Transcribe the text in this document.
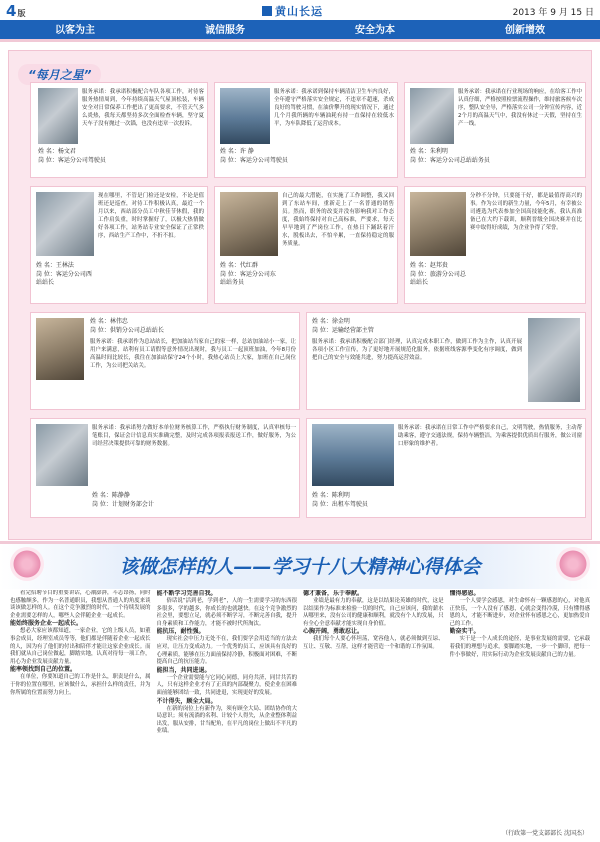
4版	黄山长运	2013 年 9 月 15 日
以客为主	诚信服务	安全为本	创新增效
“每月之星”
服务承诺：我承诺积极配合车队各项工作，对待客服务热情周到，今年持续高温天气屋顶松装，车辆安全对日常保养工作把出了更高要求，不管天气多么炎热，我每天都坚持多次全面检查车辆，坚守夏天车子没有抛过一次锚，也没有违章一次投诉。
姓 名：杨文君
岗 位：客运分公司驾驶员
服务承诺：我承诺到保持车辆清洁卫生车内良好，全年遵守严格落实安全规定，不违章不超速，杀成良好的驾驶习惯，在油价攀升的现实情况下，通过几个月我所辆的车辆油耗有持一直保持在较低水平，为车队降低了运营成本。
姓 名：许 静
岗 位：客运分公司驾驶员
服务承诺：我承诺在行业现场的响应，在给客工作中认真仔细，严格按照检票流程操作，维持旅客候车次序，整队安全导，严格落实公司一分钟宣传内容，近2个月的高温天气中，我没有休过一天假，坚持在生产一线。
姓 名：朱利明
岗 位：客运分公司总站站务员
现在哪里，不管是门检还是安检，不论是值班还是巡查，对待工作积极认真，最近一个月以来，西站部分员工中秋佳节休假，我的工作肩负重，时时掌握好了，以极大热情做好各项工作，站务站专业安全保证了正常秩序，西站生产工作中，不折不扣。
姓 名：王林法
岗 位：客运分公司西站站长
自己的最大潜能，在实施了工作调整，我又回到了东站车间，重新走上了一名普通的销售员。然而，职务的改变并没有影响我对工作态度，我始终保持对自己高标准，严要求，每天早早地到了严岗位工作，在热日下踊跃着汗水，脱板出去，不怕辛累，一直保持稳定的服务质量。
姓 名：代红群
岗 位：客运分公司东站站务员
分秒不分钟，只要能干好，都是最值得高兴的事。作为公司的新生力量，今年5月，有幸被公司遴选为代表参加全国高技能化赛，我认真准备已在大约下载训，顺利晋级全国决赛并在比赛中取得好成绩，为企业争得了荣誉。
姓 名：赵邦贵
岗 位：旅游分公司总站站长
姓 名：林伟忠
岗 位：供销分公司总站站长
服务承诺：我承诺作为总站站长，把加油站当家自己的家一样，总站加油站小一家，让用户来满意，站利有员工请假等意外情况出现时，我与员工一起顶班加油，今年8月份高温时间比较长，我往在加油站保守24个小时，我热心站员上大家，加班在自己岗位工作，为公司把关站关。
姓 名：徐金明
岗 位：运输经营部主管
服务承诺：我承诺积极配合部门经理，认真完成本职工作，做到工作为主作，认真开展各项小区工作宣传，为了更好地开展规范化服务，依据班线客源季变化有序调度，做到把自己的安全与效能共进，努力提高运营效益。
服务承诺：我承诺努力做好本单位财务核算工作，严格执行财务制度，认真审核每一笔账目，保证会计信息真实准确完整，及时完成各项报表报送工作，做好服务，为公司经营决策提供可靠的财务数据。
姓 名：陈静静
岗 位：计划财务部会计
服务承诺：我承诺在日常工作中严格要求自己，文明驾驶，热情服务，主动帮助乘客，遵守交通法规，保持车辆整洁，为乘客提供优质出行服务，做公司窗口形象的维护者。
姓 名：陈利明
岗 位：出租车驾驶员
该做怎样的人——学习十八大精神心得体会

看完招聘节目的重要讲话，心潮澎湃，斗志昂扬，同时也感触颇多，作为一名普通职员，我想从普通人的角度来谈谈该做怎样的人。在这个竞争激烈的时代，一个待续发展的企业需要怎样的人，哪些人会伴随企业一起成长。

能始终服务企业一起成长。

想必大家应该都知道，一家企业，它的上级人员，如董事会成员，经理室成员等等，他们都是伴随着企业一起成长的人，因为有了他们的付出和陪伴才能让这家企业成长。而我们就从自己岗位做起，脚踏实地，认真对待每一项工作，用心为企业发展贡献力量。

能率领找到自己的位置。

在单位，你要知道自己的工作是什么，职责是什么，属于你的位置在哪里，应该做什么，承担什么样的责任，并为你所属的位置而努力向上。

能不断学习完善自我。

俗话说“活到老，学到老”，人的一生需要学习的东西很多很多，学的越多，你成长的也就越快。在这个竞争激烈的社会里，要想立足，就必须不断学习，不断完善自我，提升自身素质和工作能力，才能不被时代所淘汰。

能抗压，耐性强。

现实社会中压力无处不在，我们要学会用适当的方法去应对，让压力变成动力。一个优秀的员工，应该具有良好的心理素质，能够在压力面前保持冷静，积极面对困难，不断提高自己的抗压能力。

能担当，共同进退。

一个企业需要能与它同心同德，同舟共济，同甘共苦的人，只有这样企业才有了正真的内部凝聚力，使企业在困难面前能够团结一致，共同进退，实现更好的发展。

不计得失，顾全大局。

在新的岗位上有新作为，须有顾全大局、团结协作的大局意识；须有流淌的名利、计较个人得失，从企业整体利益出发，服从安排，甘当配角，在平凡的岗位上做出不平凡的业绩。

德才兼备，乐于奉献。

业绩是最有力的奉献，这是以结果论英雄的时代，这是以结果作为标准来检验一切的时代，自己应该问，我的薪水从哪里来，没有公司的健康和顺利，就没有个人的发展，只有全心全意奉献才能实现自身价值。

心胸开阔，勇敢忍让。

我们每个人要心怀坦荡，宽容他人，就必须做到互谅、互让、互敬、互帮，这样才能营造一个和谐的工作氛围。

懂得感恩。

一个人要学会感恩，对生命怀有一颗感恩的心，对他真正快乐，一个人没有了感恩，心就会变得冷漠，只有懂得感恩的人，才能不断进步，对企业怀有感恩之心，更加热爱自己的工作。

勤奋实干。

实干是一个人成长的途径，是事业发展的需要，它承载着我们的理想与追求，要脚踏实地，一步一个脚印，把每一件小事做好，用实际行动为企业发展贡献自己的力量。

（行政第一党支部部长 沈国杰）
